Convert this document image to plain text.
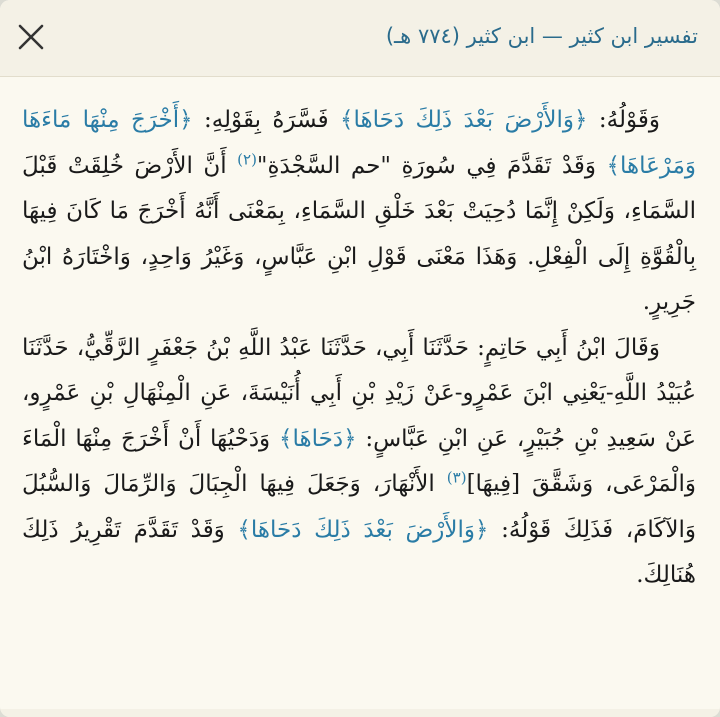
تفسير ابن كثير — ابن كثير (٧٧٤ هـ)

وَقَوْلُهُ: ﴿وَالأَرْضَ بَعْدَ ذَلِكَ دَحَاهَا﴾ فَسَّرَهُ بِقَوْلِهِ: ﴿أَخْرَجَ مِنْهَا مَاءَهَا وَمَرْعَاهَا﴾ وَقَدْ تَقَدَّمَ فِي سُورَةِ "حم السَّجْدَةِ"$^{(٢)}$ أَنَّ الأَرْضَ خُلِقَتْ قَبْلَ السَّمَاءِ، وَلَكِنْ إِنَّمَا دُحِيَتْ بَعْدَ خَلْقِ السَّمَاءِ، بِمَعْنَى أَنَّهُ أَخْرَجَ مَا كَانَ فِيهَا بِالْقُوَّةِ إِلَى الْفِعْلِ. وَهَذَا مَعْنَى قَوْلِ ابْنِ عَبَّاسٍ، وَغَيْرُ وَاحِدٍ، وَاخْتَارَهُ ابْنُ جَرِيرٍ.

وَقَالَ ابْنُ أَبِي حَاتِمٍ: حَدَّثَنَا أَبِي، حَدَّثَنَا عَبْدُ اللَّهِ بْنُ جَعْفَرٍ الرَّقِّيُّ، حَدَّثَنَا عُبَيْدُ اللَّهِ-يَعْنِي ابْنَ عَمْرٍو-عَنْ زَيْدِ بْنِ أَبِي أُنَيْسَةَ، عَنِ الْمِنْهَالِ بْنِ عَمْرٍو، عَنْ سَعِيدِ بْنِ جُبَيْرٍ، عَنِ ابْنِ عَبَّاسٍ: ﴿دَحَاهَا﴾ وَدَحْيُهَا أَنْ أَخْرَجَ مِنْهَا الْمَاءَ وَالْمَرْعَى، وَشَقَّقَ [فِيهَا]$^{(٣)}$ الأَنْهَارَ، وَجَعَلَ فِيهَا الْجِبَالَ وَالرِّمَالَ وَالسُّبُلَ وَالآكَامَ، فَذَلِكَ قَوْلُهُ: ﴿وَالأَرْضَ بَعْدَ ذَلِكَ دَحَاهَا﴾ وَقَدْ تَقَدَّمَ تَقْرِيرُ ذَلِكَ هُنَالِكَ.
